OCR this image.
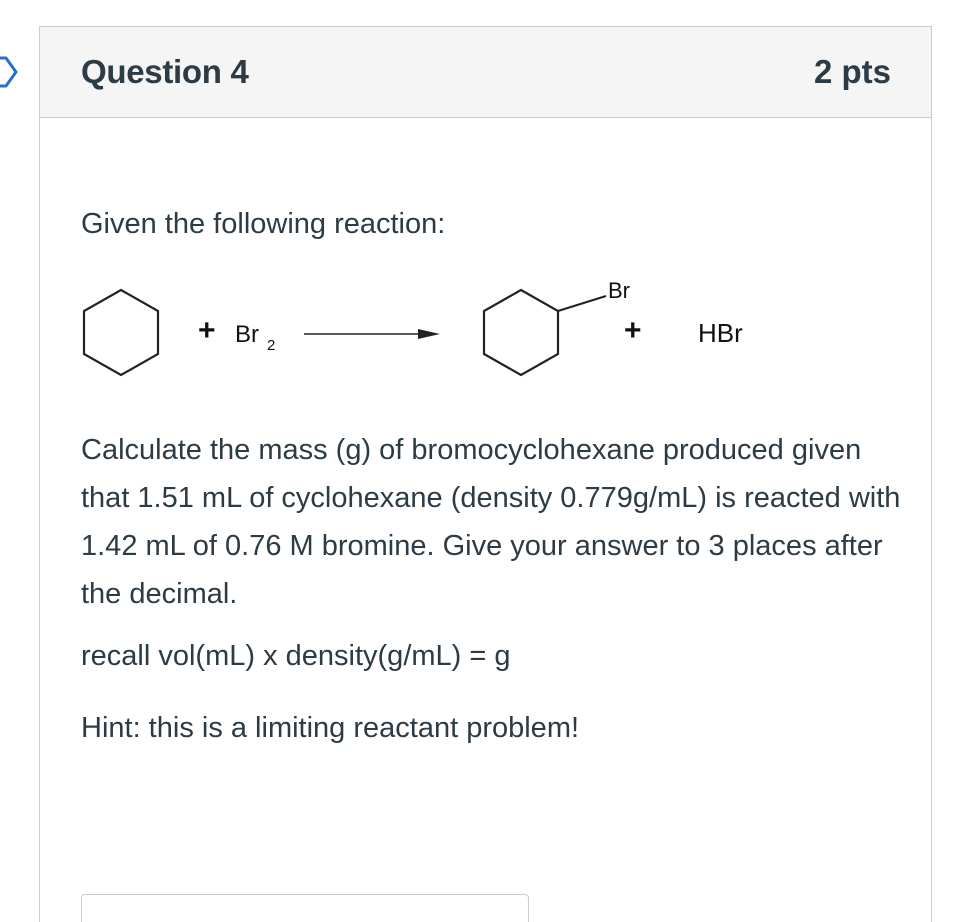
Question 4	2 pts
Given the following reaction:
+ Br 2
Br
+ HBr
Calculate the mass (g) of bromocyclohexane produced given that 1.51 mL of cyclohexane (density 0.779g/mL) is reacted with 1.42 mL of 0.76 M bromine. Give your answer to 3 places after the decimal.
recall vol(mL) x density(g/mL) = g
Hint: this is a limiting reactant problem!
